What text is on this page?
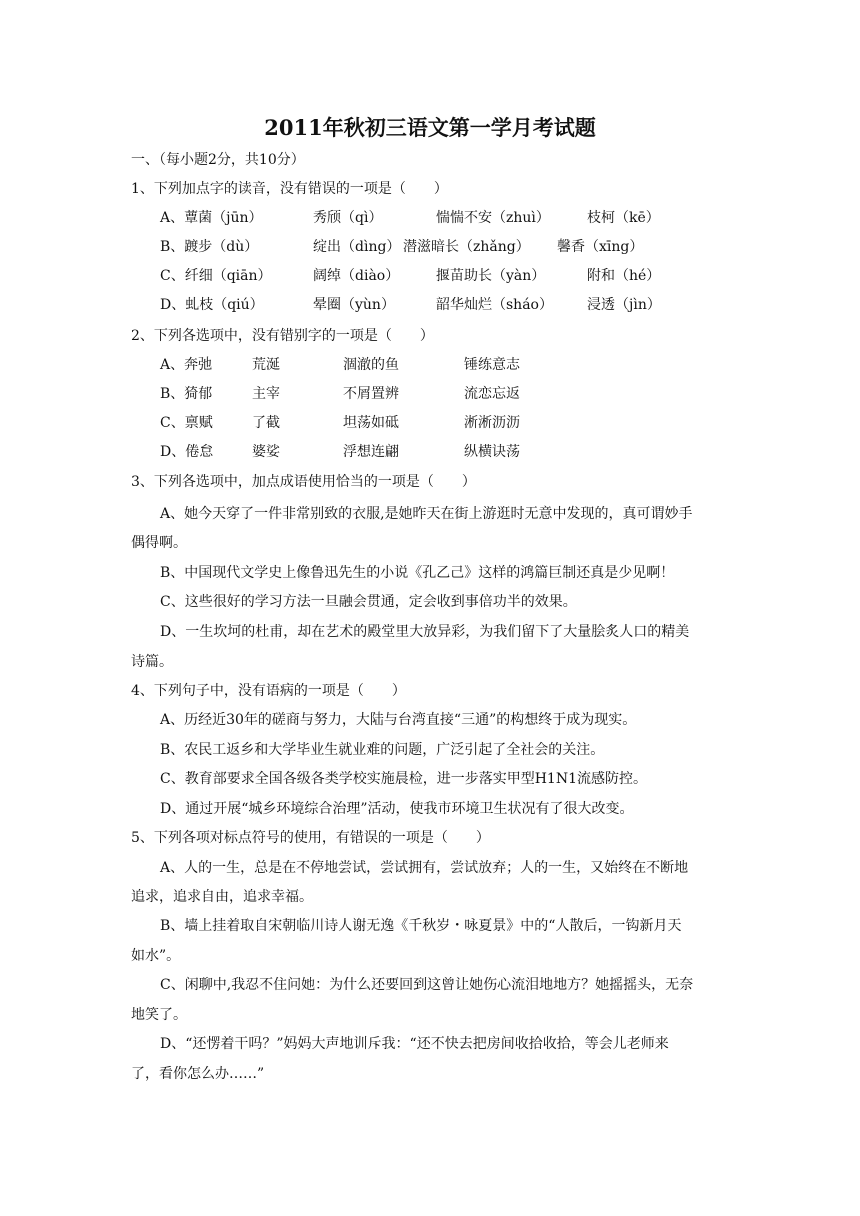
2011年秋初三语文第一学月考试题
一、（每小题2分，共10分）
1、下列加点字的读音，没有错误的一项是（　　）
A、蕈菌（jūn）	秀颀（qì）	惴惴不安（zhuì）	枝柯（kē）
B、踱步（dù）	绽出（dìng） 潜滋暗长（zhǎng） 馨香（xīng）
C、纤细（qiān）	阔绰（diào）	揠苗助长（yàn）	附和（hé）
D、虬枝（qiú）	晕圈（yùn）	韶华灿烂（sháo） 浸透（jìn）
2、下列各选项中，没有错别字的一项是（　　）
A、奔弛	荒涎	涸澈的鱼	锤练意志
B、猗郁	主宰	不屑置辨	流恋忘返
C、禀赋	了截	坦荡如砥	淅淅沥沥
D、倦怠	婆娑	浮想连翩	纵横诀荡
3、下列各选项中，加点成语使用恰当的一项是（　　）
A、她今天穿了一件非常别致的衣服,是她昨天在街上游逛时无意中发现的，真可谓妙手
偶得啊。
B、中国现代文学史上像鲁迅先生的小说《孔乙己》这样的鸿篇巨制还真是少见啊！
C、这些很好的学习方法一旦融会贯通，定会收到事倍功半的效果。
D、一生坎坷的杜甫，却在艺术的殿堂里大放异彩，为我们留下了大量脍炙人口的精美
诗篇。
4、下列句子中，没有语病的一项是（　　）
A、历经近30年的磋商与努力，大陆与台湾直接“三通”的构想终于成为现实。
B、农民工返乡和大学毕业生就业难的问题，广泛引起了全社会的关注。
C、教育部要求全国各级各类学校实施晨检，进一步落实甲型H1N1流感防控。
D、通过开展“城乡环境综合治理”活动，使我市环境卫生状况有了很大改变。
5、下列各项对标点符号的使用，有错误的一项是（　　）
A、人的一生，总是在不停地尝试，尝试拥有，尝试放弃；人的一生，又始终在不断地
追求，追求自由，追求幸福。
B、墙上挂着取自宋朝临川诗人谢无逸《千秋岁・咏夏景》中的“人散后，一钩新月天
如水”。
C、闲聊中,我忍不住问她：为什么还要回到这曾让她伤心流泪地地方？她摇摇头，无奈
地笑了。
D、“还愣着干吗？”妈妈大声地训斥我：“还不快去把房间收拾收拾，等会儿老师来
了，看你怎么办……”
